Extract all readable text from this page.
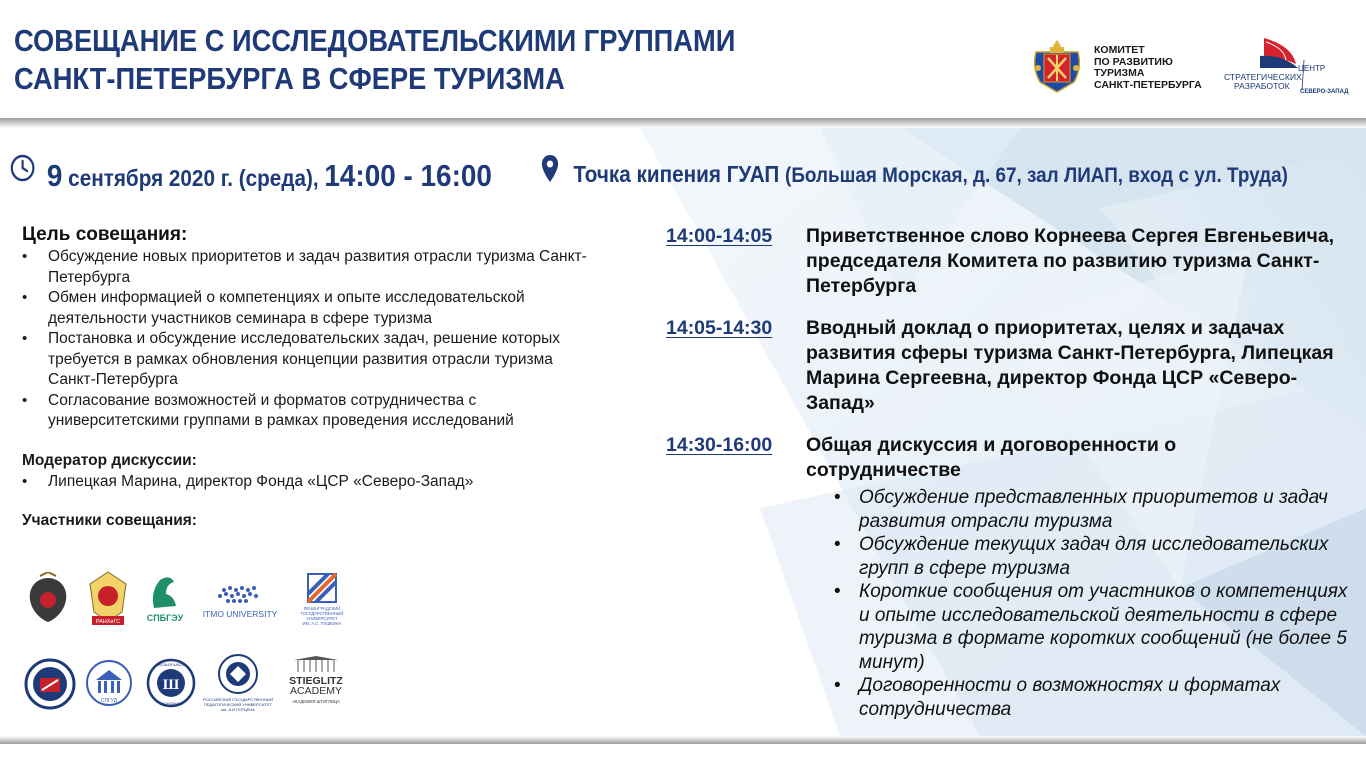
СОВЕЩАНИЕ С ИССЛЕДОВАТЕЛЬСКИМИ ГРУППАМИ
САНКТ-ПЕТЕРБУРГА В СФЕРЕ ТУРИЗМА
КОМИТЕТ
ПО РАЗВИТИЮ
ТУРИЗМА
САНКТ-ПЕТЕРБУРГА
ЦЕНТР
СТРАТЕГИЧЕСКИХ
РАЗРАБОТОК
СЕВЕРО-ЗАПАД
9 сентября 2020 г. (среда), 14:00 - 16:00	Точка кипения ГУАП (Большая Морская, д. 67, зал ЛИАП, вход с ул. Труда)
Цель совещания:
• Обсуждение новых приоритетов и задач развития отрасли туризма Санкт-Петербурга
• Обмен информацией о компетенциях и опыте исследовательской деятельности участников семинара в сфере туризма
• Постановка и обсуждение исследовательских задач, решение которых требуется в рамках обновления концепции развития отрасли туризма Санкт-Петербурга
• Согласование возможностей и форматов сотрудничества с университетскими группами в рамках проведения исследований
Модератор дискуссии:
• Липецкая Марина, директор Фонда «ЦСР «Северо-Запад»
Участники совещания:
РАНХиГС	СПБГЭУ ITMO UNIVERSITY
ЛЕНИНГРАДСКИЙ
ГОСУДАРСТВЕННЫЙ
УНИВЕРСИТЕТ
ИМ. А.С. ПУШКИНА
СПГУД
Ш
ВЫСШАЯ ШКОЛА
ЭКОНОМИКИ
РОССИЙСКИЙ ГОСУДАРСТВЕННЫЙ
ПЕДАГОГИЧЕСКИЙ УНИВЕРСИТЕТ
им. А.И.ГЕРЦЕНА
STIEGLITZ
ACADEMY
АКАДЕМИЯ ШТИГЛИЦА
14:00-14:05 Приветственное слово Корнеева Сергея Евгеньевича, председателя Комитета по развитию туризма Санкт-Петербурга
14:05-14:30 Вводный доклад о приоритетах, целях и задачах развития сферы туризма Санкт-Петербурга, Липецкая Марина Сергеевна, директор Фонда ЦСР «Северо-Запад»
14:30-16:00 Общая дискуссия и договоренности о сотрудничестве
• Обсуждение представленных приоритетов и задач развития отрасли туризма
• Обсуждение текущих задач для исследовательских групп в сфере туризма
• Короткие сообщения от участников о компетенциях и опыте исследовательской деятельности в сфере туризма в формате коротких сообщений (не более 5 минут)
• Договоренности о возможностях и форматах сотрудничества
